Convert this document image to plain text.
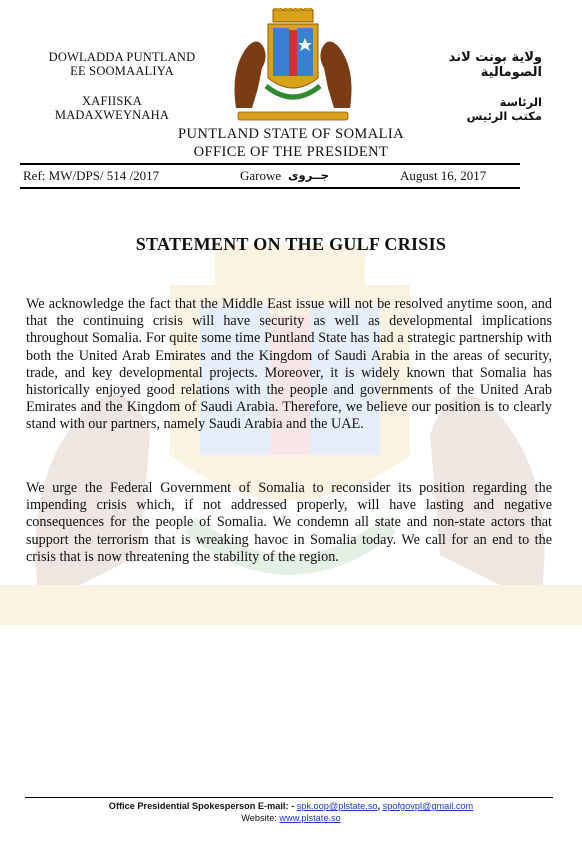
DOWLADDA PUNTLAND
EE SOOMAALIYA
XAFIISKA
MADAXWEYNAHA
ولاية بونت لاند
الصومالية
الرئاسة
مكتب الرئيس
PUNTLAND STATE OF SOMALIA
OFFICE OF THE PRESIDENT
Ref: MW/DPS/ 514 /2017	Garowe جــروى	August 16, 2017
STATEMENT ON THE GULF CRISIS
We acknowledge the fact that the Middle East issue will not be resolved anytime soon, and that the continuing crisis will have security as well as developmental implications throughout Somalia. For quite some time Puntland State has had a strategic partnership with both the United Arab Emirates and the Kingdom of Saudi Arabia in the areas of security, trade, and key developmental projects. Moreover, it is widely known that Somalia has historically enjoyed good relations with the people and governments of the United Arab Emirates and the Kingdom of Saudi Arabia. Therefore, we believe our position is to clearly stand with our partners, namely Saudi Arabia and the UAE.
We urge the Federal Government of Somalia to reconsider its position regarding the impending crisis which, if not addressed properly, will have lasting and negative consequences for the people of Somalia. We condemn all state and non-state actors that support the terrorism that is wreaking havoc in Somalia today. We call for an end to the crisis that is now threatening the stability of the region.
Office Presidential Spokesperson E-mail: - spk.oop@plstate.so, spofgovpl@gmail.com
Website: www.plstate.so
